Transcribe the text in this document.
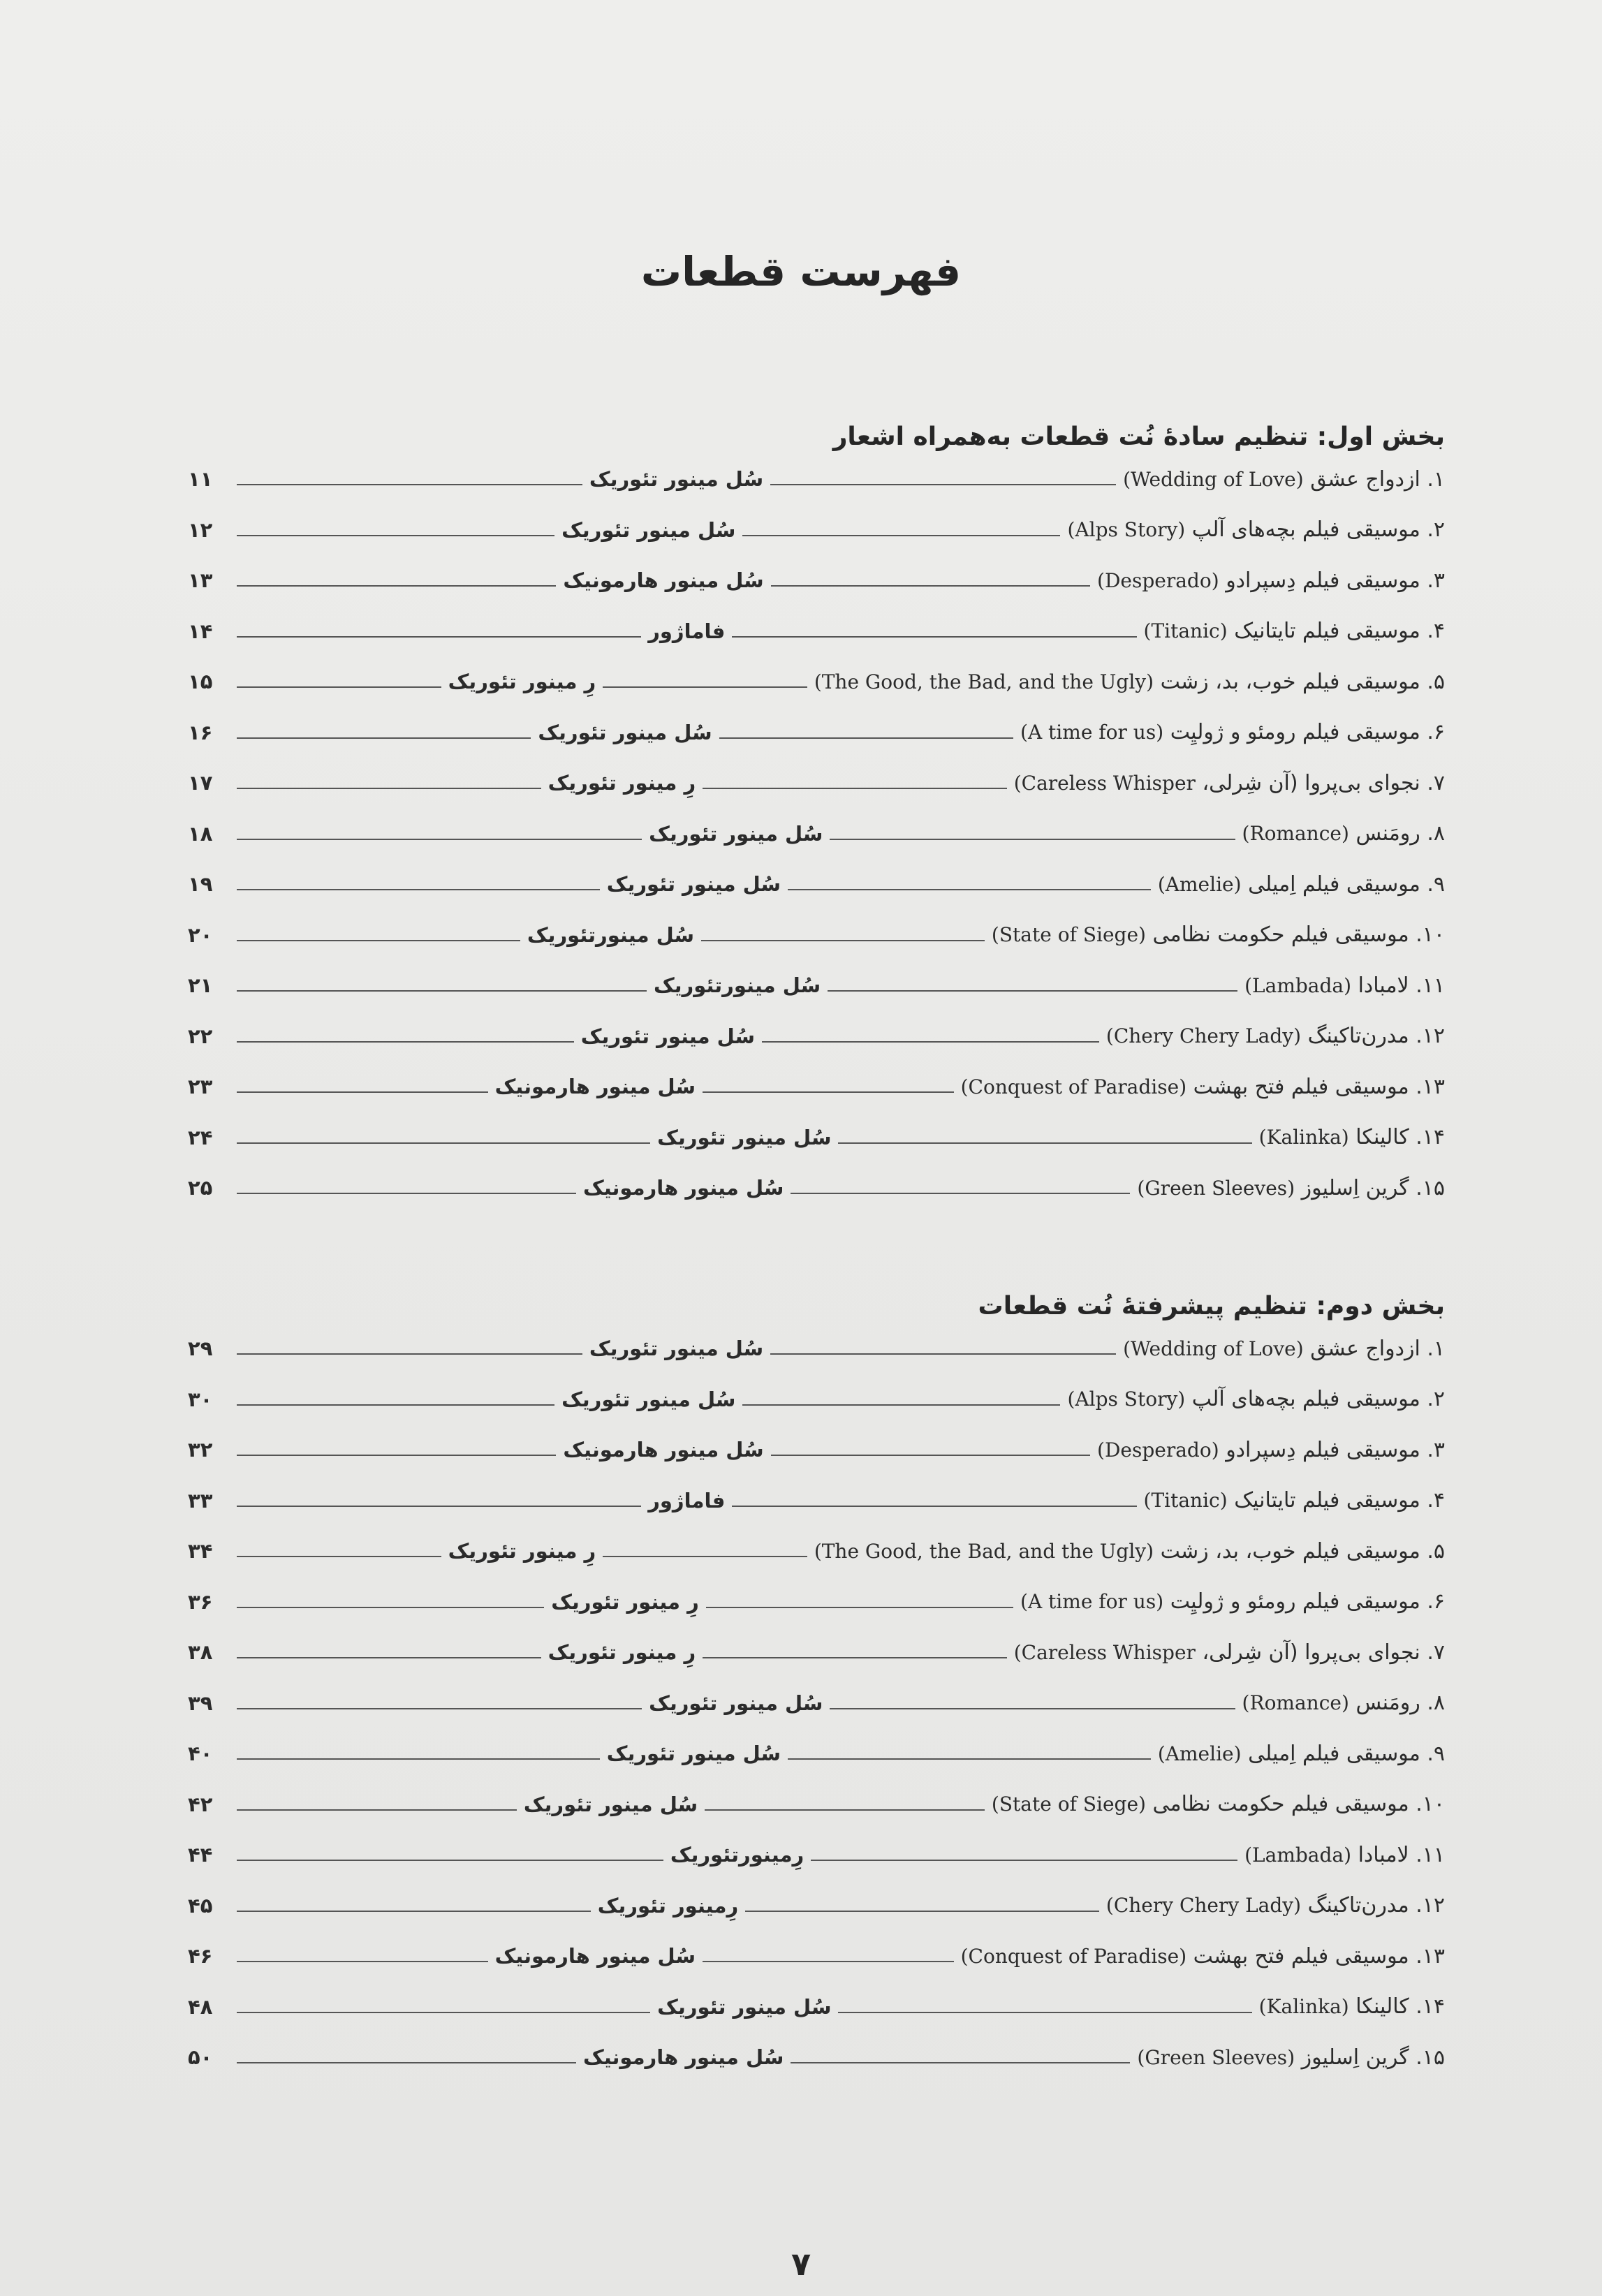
فهرست قطعات
بخش اول: تنظیم سادهٔ نُت قطعات به‌همراه اشعار
۱. ازدواج عشق (Wedding of Love)
سُل مینور تئوریک
۱۱
۲. موسیقی فیلم بچه‌های آلپ (Alps Story)
سُل مینور تئوریک
۱۲
۳. موسیقی فیلم دِسپرادو (Desperado)
سُل مینور هارمونیک
۱۳
۴. موسیقی فیلم تایتانیک (Titanic)
فاماژور
۱۴
۵. موسیقی فیلم خوب، بد، زشت (The Good, the Bad, and the Ugly)
رِ مینور تئوریک
۱۵
۶. موسیقی فیلم رومئو و ژولیِت (A time for us)
سُل مینور تئوریک
۱۶
۷. نجوای بی‌پروا (آن شِرلی، Careless Whisper)
رِ مینور تئوریک
۱۷
۸. رومَنس (Romance)
سُل مینور تئوریک
۱۸
۹. موسیقی فیلم اِمیلی (Amelie)
سُل مینور تئوریک
۱۹
۱۰. موسیقی فیلم حکومت نظامی (State of Siege)
سُل مینورتئوریک
۲۰
۱۱. لامبادا (Lambada)
سُل مینورتئوریک
۲۱
۱۲. مدرن‌تاکینگ (Chery Chery Lady)
سُل مینور تئوریک
۲۲
۱۳. موسیقی فیلم فتح بهشت (Conquest of Paradise)
سُل مینور هارمونیک
۲۳
۱۴. کالینکا (Kalinka)
سُل مینور تئوریک
۲۴
۱۵. گرین اِسلیوز (Green Sleeves)
سُل مینور هارمونیک
۲۵
بخش دوم: تنظیم پیشرفتهٔ نُت قطعات
۱. ازدواج عشق (Wedding of Love)
سُل مینور تئوریک
۲۹
۲. موسیقی فیلم بچه‌های آلپ (Alps Story)
سُل مینور تئوریک
۳۰
۳. موسیقی فیلم دِسپرادو (Desperado)
سُل مینور هارمونیک
۳۲
۴. موسیقی فیلم تایتانیک (Titanic)
فاماژور
۳۳
۵. موسیقی فیلم خوب، بد، زشت (The Good, the Bad, and the Ugly)
رِ مینور تئوریک
۳۴
۶. موسیقی فیلم رومئو و ژولیِت (A time for us)
رِ مینور تئوریک
۳۶
۷. نجوای بی‌پروا (آن شِرلی، Careless Whisper)
رِ مینور تئوریک
۳۸
۸. رومَنس (Romance)
سُل مینور تئوریک
۳۹
۹. موسیقی فیلم اِمیلی (Amelie)
سُل مینور تئوریک
۴۰
۱۰. موسیقی فیلم حکومت نظامی (State of Siege)
سُل مینور تئوریک
۴۲
۱۱. لامبادا (Lambada)
رِمینورتئوریک
۴۴
۱۲. مدرن‌تاکینگ (Chery Chery Lady)
رِمینور تئوریک
۴۵
۱۳. موسیقی فیلم فتح بهشت (Conquest of Paradise)
سُل مینور هارمونیک
۴۶
۱۴. کالینکا (Kalinka)
سُل مینور تئوریک
۴۸
۱۵. گرین اِسلیوز (Green Sleeves)
سُل مینور هارمونیک
۵۰
۷
